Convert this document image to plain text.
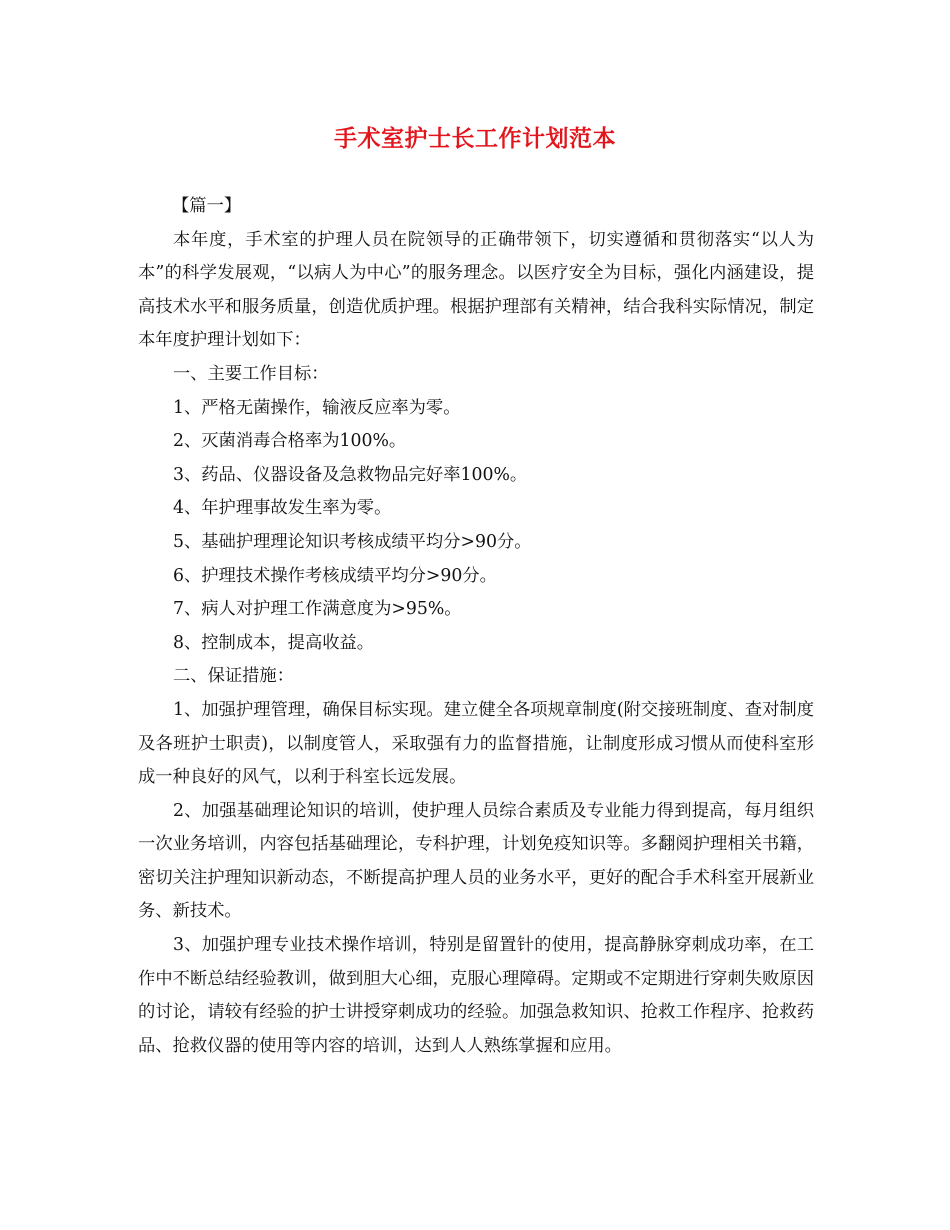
手术室护士长工作计划范本

【篇一】

本年度，手术室的护理人员在院领导的正确带领下，切实遵循和贯彻落实“以人为本”的科学发展观，“以病人为中心”的服务理念。以医疗安全为目标，强化内涵建设，提高技术水平和服务质量，创造优质护理。根据护理部有关精神，结合我科实际情况，制定本年度护理计划如下：

一、主要工作目标：

1、严格无菌操作，输液反应率为零。

2、灭菌消毒合格率为100%。

3、药品、仪器设备及急救物品完好率100%。

4、年护理事故发生率为零。

5、基础护理理论知识考核成绩平均分>90分。

6、护理技术操作考核成绩平均分>90分。

7、病人对护理工作满意度为>95%。

8、控制成本，提高收益。

二、保证措施：

1、加强护理管理，确保目标实现。建立健全各项规章制度(附交接班制度、查对制度及各班护士职责)，以制度管人，采取强有力的监督措施，让制度形成习惯从而使科室形成一种良好的风气，以利于科室长远发展。

2、加强基础理论知识的培训，使护理人员综合素质及专业能力得到提高，每月组织一次业务培训，内容包括基础理论，专科护理，计划免疫知识等。多翻阅护理相关书籍，密切关注护理知识新动态，不断提高护理人员的业务水平，更好的配合手术科室开展新业务、新技术。

3、加强护理专业技术操作培训，特别是留置针的使用，提高静脉穿刺成功率，在工作中不断总结经验教训，做到胆大心细，克服心理障碍。定期或不定期进行穿刺失败原因的讨论，请较有经验的护士讲授穿刺成功的经验。加强急救知识、抢救工作程序、抢救药品、抢救仪器的使用等内容的培训，达到人人熟练掌握和应用。
